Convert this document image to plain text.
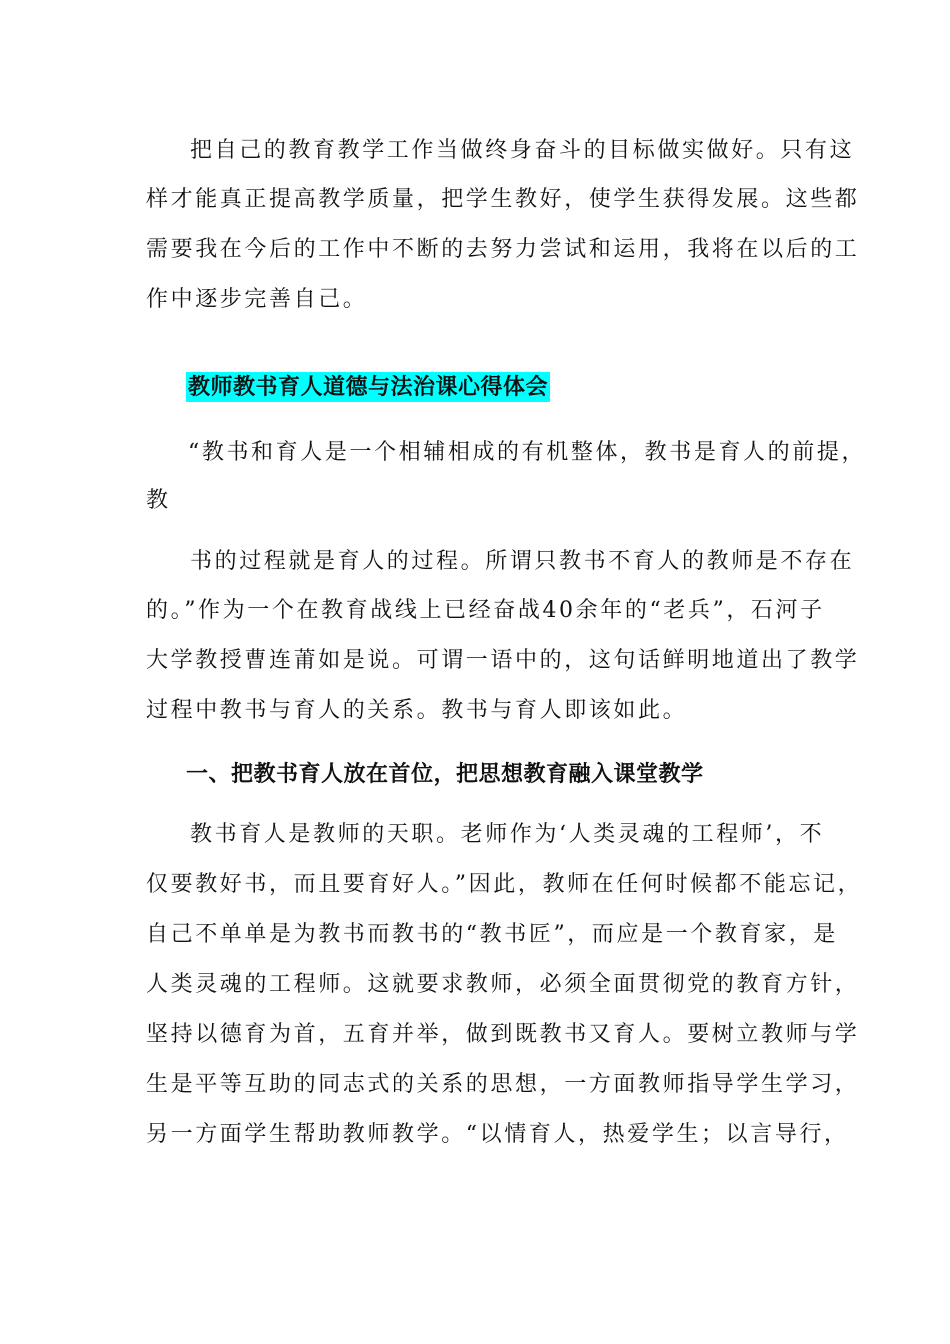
把自己的教育教学工作当做终身奋斗的目标做实做好。只有这
样才能真正提高教学质量，把学生教好，使学生获得发展。这些都
需要我在今后的工作中不断的去努力尝试和运用，我将在以后的工
作中逐步完善自己。
教师教书育人道德与法治课心得体会
“教书和育人是一个相辅相成的有机整体，教书是育人的前提，
教
书的过程就是育人的过程。所谓只教书不育人的教师是不存在
的。”作为一个在教育战线上已经奋战40余年的“老兵”，石河子
大学教授曹连莆如是说。可谓一语中的，这句话鲜明地道出了教学
过程中教书与育人的关系。教书与育人即该如此。
一、把教书育人放在首位，把思想教育融入课堂教学
教书育人是教师的天职。老师作为‘人类灵魂的工程师’，不
仅要教好书，而且要育好人。”因此，教师在任何时候都不能忘记，
自己不单单是为教书而教书的“教书匠”，而应是一个教育家，是
人类灵魂的工程师。这就要求教师，必须全面贯彻党的教育方针，
坚持以德育为首，五育并举，做到既教书又育人。要树立教师与学
生是平等互助的同志式的关系的思想，一方面教师指导学生学习，
另一方面学生帮助教师教学。“以情育人，热爱学生；以言导行，
